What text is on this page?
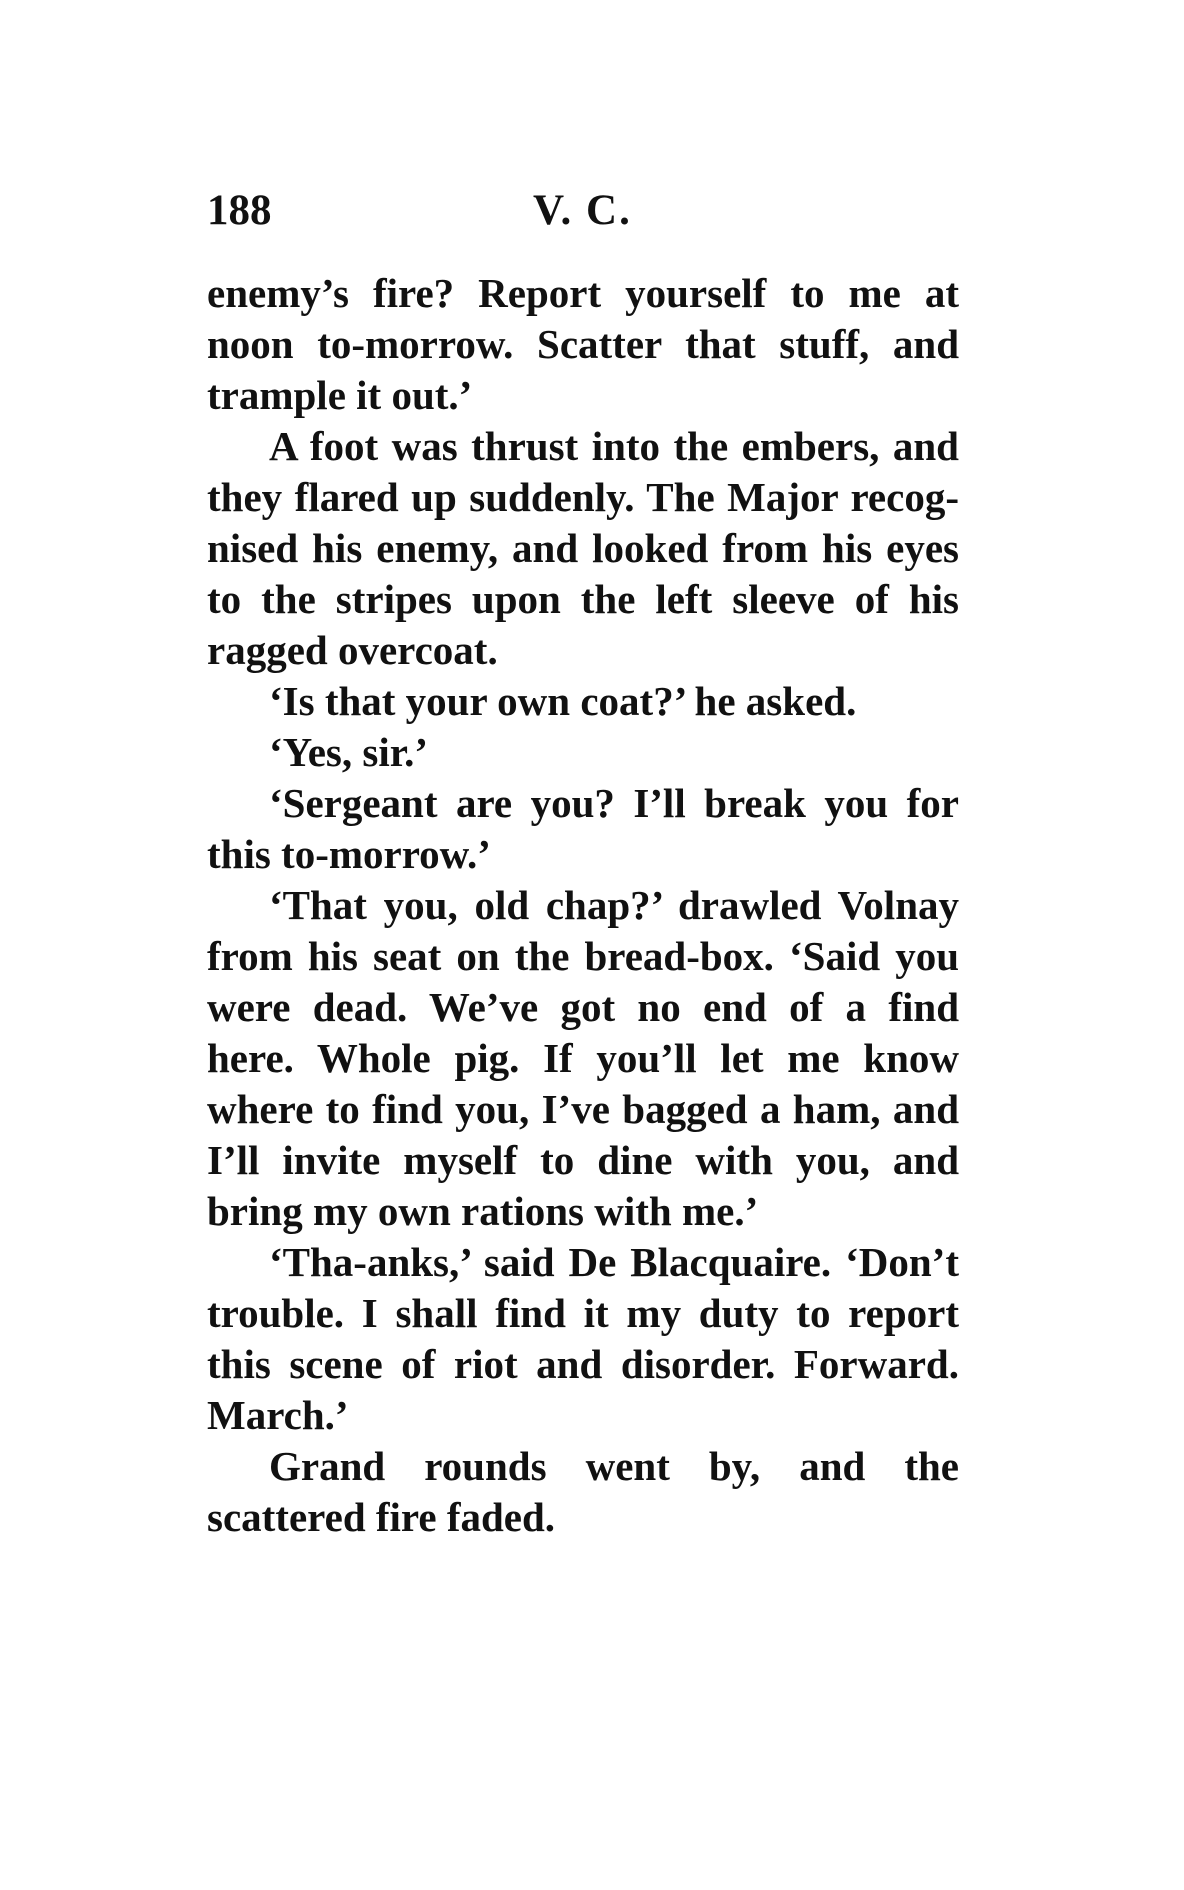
188	V. C.

enemy’s fire? Report yourself to me at noon to-morrow. Scatter that stuff, and trample it out.’

A foot was thrust into the embers, and they flared up suddenly. The Major recognised his enemy, and looked from his eyes to the stripes upon the left sleeve of his ragged overcoat.

‘Is that your own coat?’ he asked.

‘Yes, sir.’

‘Sergeant are you? I’ll break you for this to-morrow.’

‘That you, old chap?’ drawled Volnay from his seat on the bread-box. ‘Said you were dead. We’ve got no end of a find here. Whole pig. If you’ll let me know where to find you, I’ve bagged a ham, and I’ll invite myself to dine with you, and bring my own rations with me.’

‘Tha-anks,’ said De Blacquaire. ‘Don’t trouble. I shall find it my duty to report this scene of riot and disorder. Forward. March.’

Grand rounds went by, and the scattered fire faded.
